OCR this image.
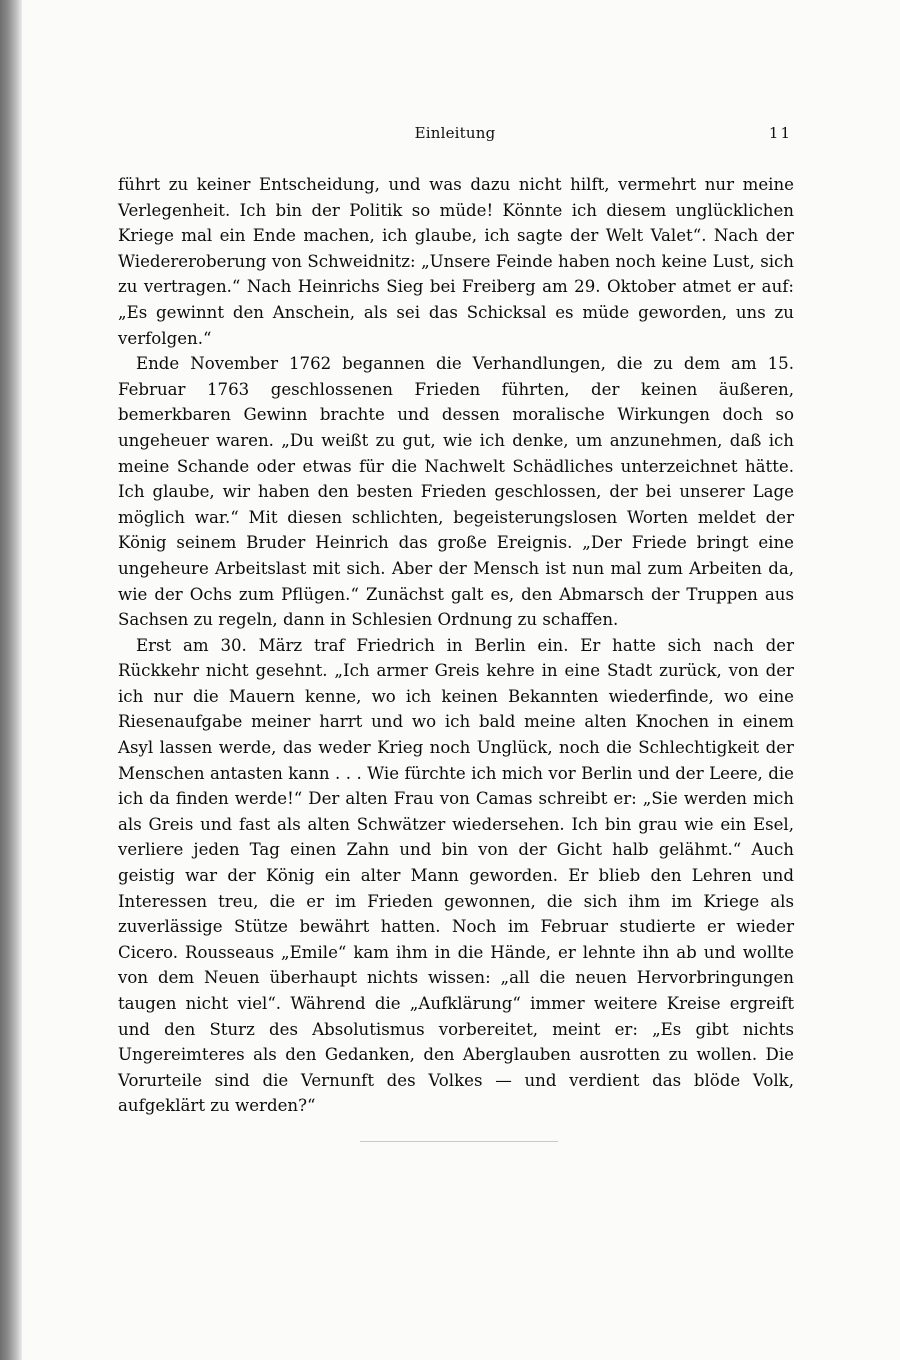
Einleitung	11

führt zu keiner Entscheidung, und was dazu nicht hilft, vermehrt nur meine Verlegenheit. Ich bin der Politik so müde! Könnte ich diesem unglücklichen Kriege mal ein Ende machen, ich glaube, ich sagte der Welt Valet“. Nach der Wiedereroberung von Schweidnitz: „Unsere Feinde haben noch keine Lust, sich zu vertragen.“ Nach Heinrichs Sieg bei Freiberg am 29. Oktober atmet er auf: „Es gewinnt den Anschein, als sei das Schicksal es müde geworden, uns zu verfolgen.“

Ende November 1762 begannen die Verhandlungen, die zu dem am 15. Februar 1763 geschlossenen Frieden führten, der keinen äußeren, bemerkbaren Gewinn brachte und dessen moralische Wirkungen doch so ungeheuer waren. „Du weißt zu gut, wie ich denke, um anzunehmen, daß ich meine Schande oder etwas für die Nachwelt Schädliches unterzeichnet hätte. Ich glaube, wir haben den besten Frieden geschlossen, der bei unserer Lage möglich war.“ Mit diesen schlichten, begeisterungslosen Worten meldet der König seinem Bruder Heinrich das große Ereignis. „Der Friede bringt eine ungeheure Arbeitslast mit sich. Aber der Mensch ist nun mal zum Arbeiten da, wie der Ochs zum Pflügen.“ Zunächst galt es, den Abmarsch der Truppen aus Sachsen zu regeln, dann in Schlesien Ordnung zu schaffen.

Erst am 30. März traf Friedrich in Berlin ein. Er hatte sich nach der Rückkehr nicht gesehnt. „Ich armer Greis kehre in eine Stadt zurück, von der ich nur die Mauern kenne, wo ich keinen Bekannten wiederfinde, wo eine Riesenaufgabe meiner harrt und wo ich bald meine alten Knochen in einem Asyl lassen werde, das weder Krieg noch Unglück, noch die Schlechtigkeit der Menschen antasten kann . . . Wie fürchte ich mich vor Berlin und der Leere, die ich da finden werde!“ Der alten Frau von Camas schreibt er: „Sie werden mich als Greis und fast als alten Schwätzer wiedersehen. Ich bin grau wie ein Esel, verliere jeden Tag einen Zahn und bin von der Gicht halb gelähmt.“ Auch geistig war der König ein alter Mann geworden. Er blieb den Lehren und Interessen treu, die er im Frieden gewonnen, die sich ihm im Kriege als zuverlässige Stütze bewährt hatten. Noch im Februar studierte er wieder Cicero. Rousseaus „Emile“ kam ihm in die Hände, er lehnte ihn ab und wollte von dem Neuen überhaupt nichts wissen: „all die neuen Hervorbringungen taugen nicht viel“. Während die „Aufklärung“ immer weitere Kreise ergreift und den Sturz des Absolutismus vorbereitet, meint er: „Es gibt nichts Ungereimteres als den Gedanken, den Aberglauben ausrotten zu wollen. Die Vorurteile sind die Vernunft des Volkes — und verdient das blöde Volk, aufgeklärt zu werden?“
